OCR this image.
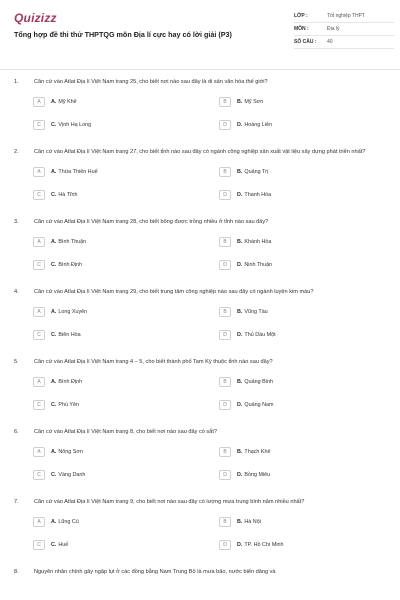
Quizizz
Tổng hợp đề thi thử THPTQG môn Địa lí cực hay có lời giải (P3)
LỚP :	Tốt nghiệp THPT
MÔN :	Địa lý
SỐ CÂU :	40
1.	Căn cứ vào Atlat Địa lí Việt Nam trang 25, cho biết nơi nào sau đây là di sản văn hóa thế giới?
A	A. Mỹ Khê	B	B. Mỹ Sơn
C	C. Vịnh Hạ Long	D	D. Hoàng Liên
2.	Căn cứ vào Atlat Địa lí Việt Nam trang 27, cho biết tỉnh nào sau đây có ngành công nghiệp sản xuất vật liệu xây dựng phát triển nhất?
A	A. Thừa Thiên Huế	B	B. Quảng Trị
C	C. Hà Tĩnh	D	D. Thanh Hóa
3.	Căn cứ vào Atlat Địa lí Việt Nam trang 28, cho biết bông được trồng nhiều ở tỉnh nào sau đây?
A	A. Bình Thuận	B	B. Khánh Hòa
C	C. Bình Định	D	D. Ninh Thuận
4.	Căn cứ vào Atlat Địa lí Việt Nam trang 29, cho biết trung tâm công nghiệp nào sau đây có ngành luyện kim màu?
A	A. Long Xuyên	B	B. Vũng Tàu
C	C. Biên Hòa	D	D. Thủ Dầu Một
5.	Căn cứ vào Atlat Địa lí Việt Nam trang 4 – 5, cho biết thành phố Tam Kỳ thuộc tỉnh nào sau đây?
A	A. Bình Định	B	B. Quảng Bình
C	C. Phú Yên	D	D. Quảng Nam
6.	Căn cứ vào Atlat Địa lí Việt Nam trang 8, cho biết nơi nào sau đây có sắt?
A	A. Nông Sơn	B	B. Thạch Khê
C	C. Vàng Danh	D	D. Bồng Miêu
7.	Căn cứ vào Atlat Địa lí Việt Nam trang 9, cho biết nơi nào sau đây có lượng mưa trung bình năm nhiều nhất?
A	A. Lũng Cú	B	B. Hà Nội
C	C. Huế	D	D. TP. Hồ Chí Minh
8.	Nguyên nhân chính gây ngập lụt ở các đồng bằng Nam Trung Bộ là mưa bão, nước biển dâng và
